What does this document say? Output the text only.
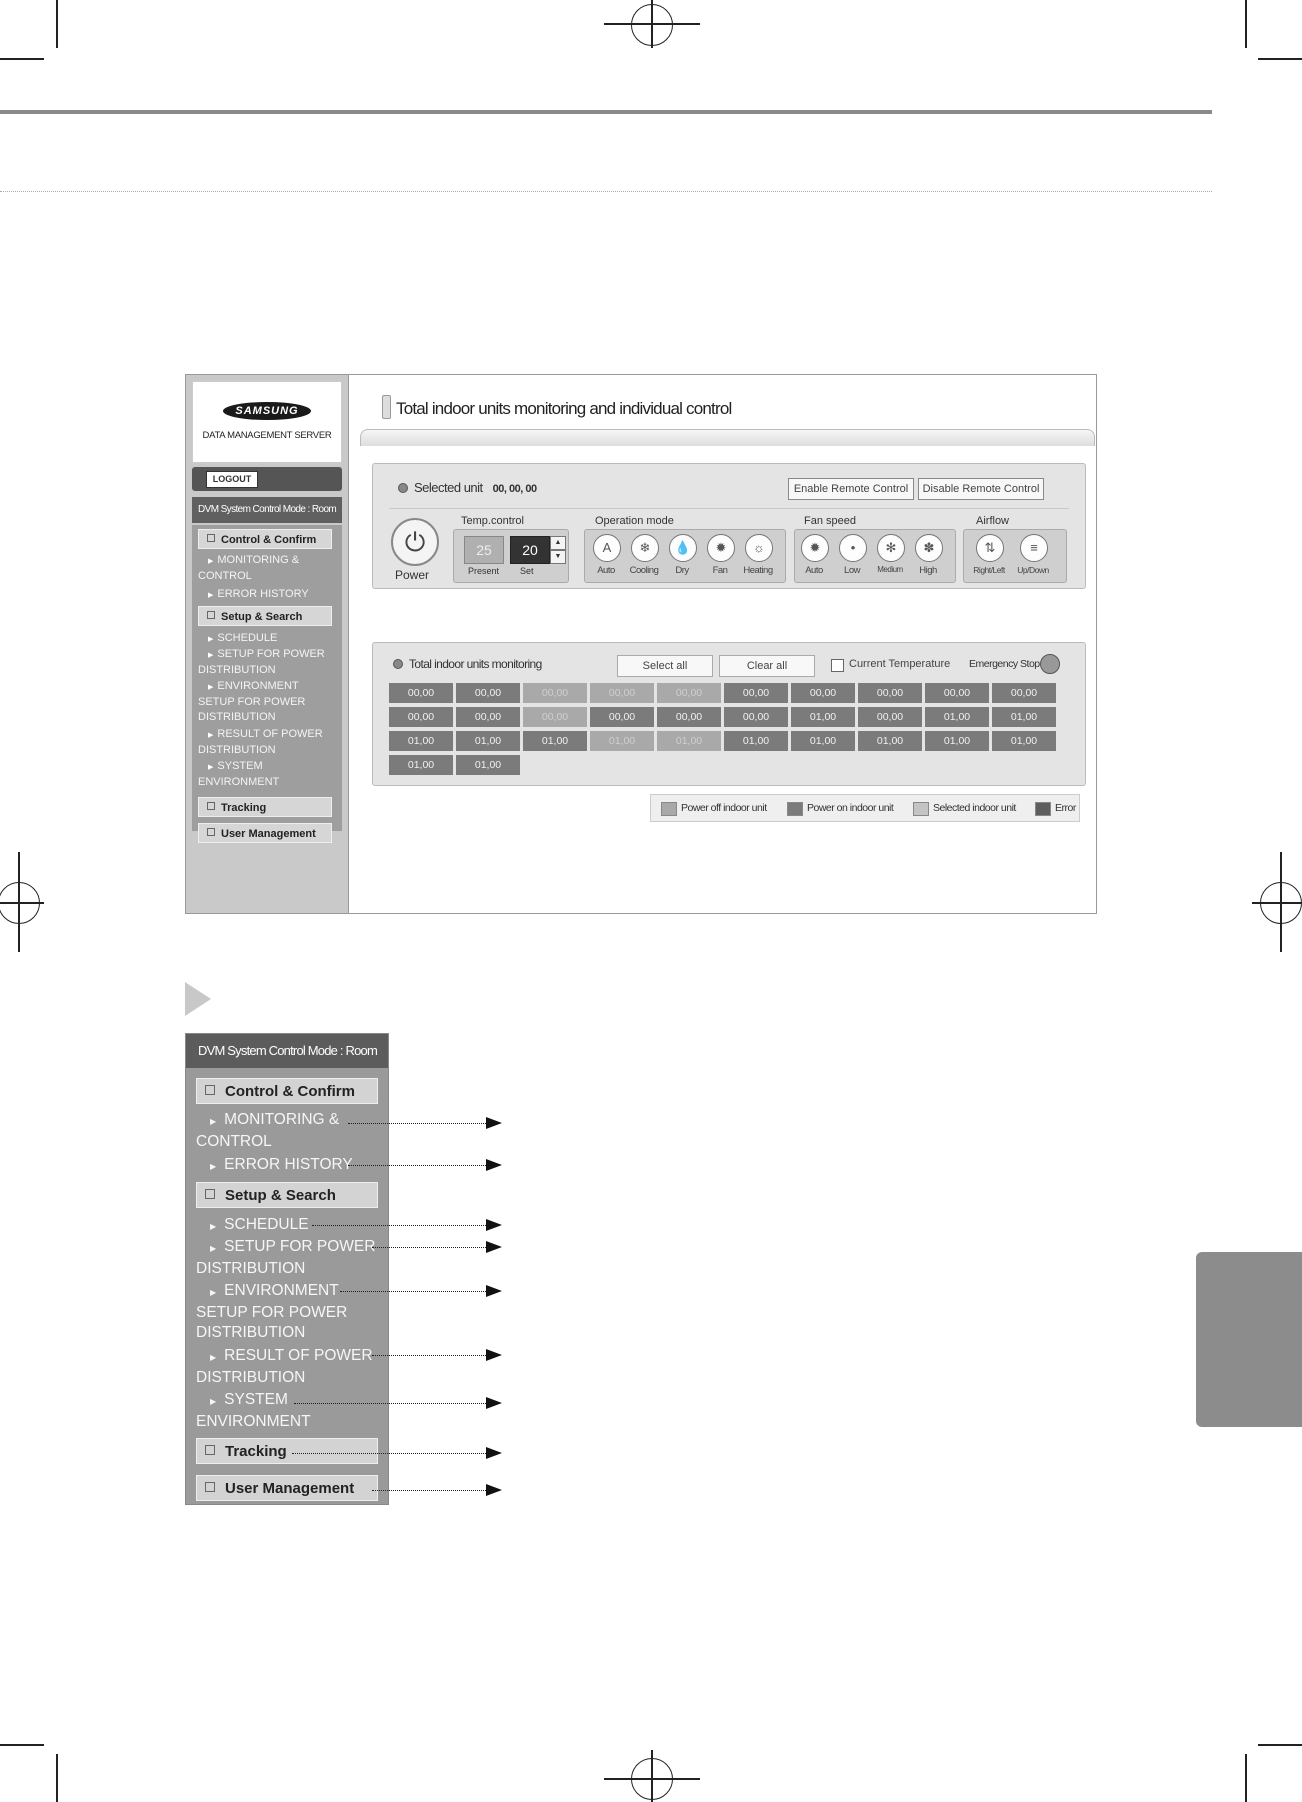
SAMSUNG
DATA MANAGEMENT SERVER
LOGOUT
DVM System Control Mode : Room
Control & Confirm
▶ MONITORING & CONTROL
▶ ERROR HISTORY
Setup & Search
▶ SCHEDULE
▶ SETUP FOR POWER DISTRIBUTION
▶ ENVIRONMENT SETUP FOR POWER DISTRIBUTION
▶ RESULT OF POWER DISTRIBUTION
▶ SYSTEM ENVIRONMENT
Tracking
User Management
Total indoor units monitoring and individual control
Selected unit 00, 00, 00	Enable Remote Control	Disable Remote Control
⏻
Power
Temp.control
25
Present
20	▲
▼
Set
Operation mode
A
Auto
❄
Cooling
💧
Dry
✹
Fan
☼
Heating
Fan speed
✹
Auto
•
Low
✻
Medium
✽
High
Airflow
⇅
Right/Left
≡
Up/Down
Total indoor units monitoring	Select all	Clear all	Current Temperature Emergency Stop
00,00	00,00	00,00	00,00	00,00	00,00	00,00	00,00	00,00	00,00
00,00	00,00	00,00	00,00	00,00	00,00	01,00	00,00	01,00	01,00
01,00	01,00	01,00	01,00	01,00	01,00	01,00	01,00	01,00	01,00
01,00	01,00
Power off indoor unit	Power on indoor unit	Selected indoor unit	Error
DVM System Control Mode : Room
Control & Confirm
▶ MONITORING & CONTROL
▶ ERROR HISTORY
Setup & Search
▶ SCHEDULE
▶ SETUP FOR POWER DISTRIBUTION
▶ ENVIRONMENT SETUP FOR POWER DISTRIBUTION
▶ RESULT OF POWER DISTRIBUTION
▶ SYSTEM ENVIRONMENT
Tracking
User Management
